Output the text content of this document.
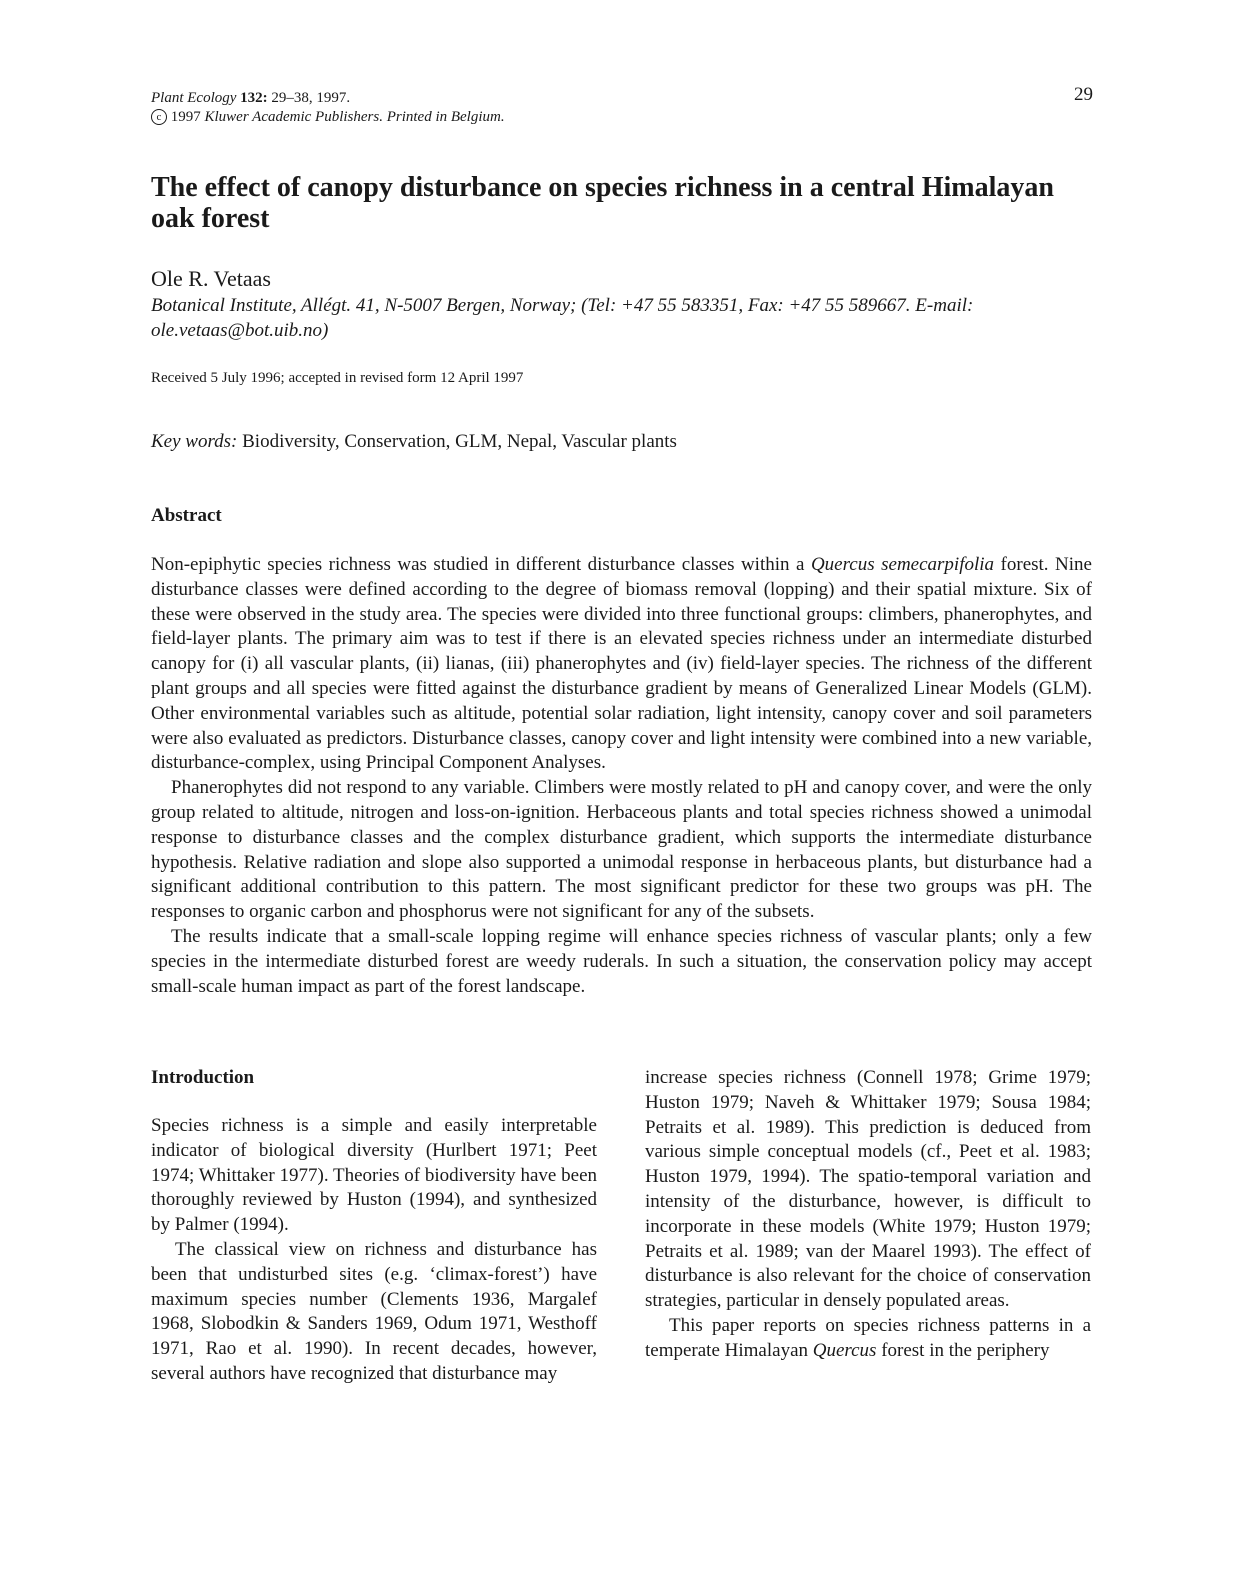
Plant Ecology 132: 29–38, 1997.
c 1997 Kluwer Academic Publishers. Printed in Belgium.
29
The effect of canopy disturbance on species richness in a central Himalayan oak forest
Ole R. Vetaas
Botanical Institute, Allégt. 41, N-5007 Bergen, Norway; (Tel: +47 55 583351, Fax: +47 55 589667. E-mail: ole.vetaas@bot.uib.no)
Received 5 July 1996; accepted in revised form 12 April 1997
Key words: Biodiversity, Conservation, GLM, Nepal, Vascular plants
Abstract

Non-epiphytic species richness was studied in different disturbance classes within a Quercus semecarpifolia forest. Nine disturbance classes were defined according to the degree of biomass removal (lopping) and their spatial mixture. Six of these were observed in the study area. The species were divided into three functional groups: climbers, phanerophytes, and field-layer plants. The primary aim was to test if there is an elevated species richness under an intermediate disturbed canopy for (i) all vascular plants, (ii) lianas, (iii) phanerophytes and (iv) field-layer species. The richness of the different plant groups and all species were fitted against the disturbance gradient by means of Generalized Linear Models (GLM). Other environmental variables such as altitude, potential solar radiation, light intensity, canopy cover and soil parameters were also evaluated as predictors. Disturbance classes, canopy cover and light intensity were combined into a new variable, disturbance-complex, using Principal Component Analyses.

Phanerophytes did not respond to any variable. Climbers were mostly related to pH and canopy cover, and were the only group related to altitude, nitrogen and loss-on-ignition. Herbaceous plants and total species richness showed a unimodal response to disturbance classes and the complex disturbance gradient, which supports the intermediate disturbance hypothesis. Relative radiation and slope also supported a unimodal response in herbaceous plants, but disturbance had a significant additional contribution to this pattern. The most significant predictor for these two groups was pH. The responses to organic carbon and phosphorus were not significant for any of the subsets.

The results indicate that a small-scale lopping regime will enhance species richness of vascular plants; only a few species in the intermediate disturbed forest are weedy ruderals. In such a situation, the conservation policy may accept small-scale human impact as part of the forest landscape.

Introduction

Species richness is a simple and easily interpretable indicator of biological diversity (Hurlbert 1971; Peet 1974; Whittaker 1977). Theories of biodiversity have been thoroughly reviewed by Huston (1994), and synthesized by Palmer (1994).

The classical view on richness and disturbance has been that undisturbed sites (e.g. ‘climax-forest’) have maximum species number (Clements 1936, Margalef 1968, Slobodkin & Sanders 1969, Odum 1971, Westhoff 1971, Rao et al. 1990). In recent decades, however, several authors have recognized that disturbance may

increase species richness (Connell 1978; Grime 1979; Huston 1979; Naveh & Whittaker 1979; Sousa 1984; Petraits et al. 1989). This prediction is deduced from various simple conceptual models (cf., Peet et al. 1983; Huston 1979, 1994). The spatio-temporal variation and intensity of the disturbance, however, is difficult to incorporate in these models (White 1979; Huston 1979; Petraits et al. 1989; van der Maarel 1993). The effect of disturbance is also relevant for the choice of conservation strategies, particular in densely populated areas.

This paper reports on species richness patterns in a temperate Himalayan Quercus forest in the periphery
